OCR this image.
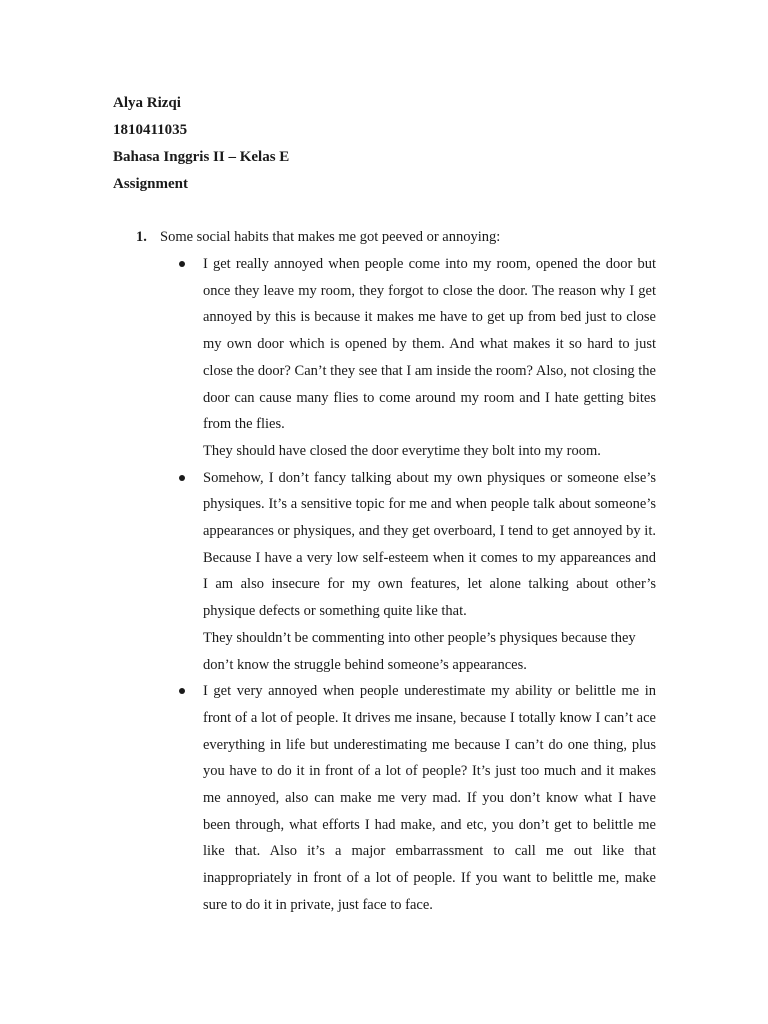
Alya Rizqi
1810411035
Bahasa Inggris II – Kelas E
Assignment
1. Some social habits that makes me got peeved or annoying:

I get really annoyed when people come into my room, opened the door but once they leave my room, they forgot to close the door. The reason why I get annoyed by this is because it makes me have to get up from bed just to close my own door which is opened by them. And what makes it so hard to just close the door? Can’t they see that I am inside the room? Also, not closing the door can cause many flies to come around my room and I hate getting bites from the flies.

They should have closed the door everytime they bolt into my room.

Somehow, I don’t fancy talking about my own physiques or someone else’s physiques. It’s a sensitive topic for me and when people talk about someone’s appearances or physiques, and they get overboard, I tend to get annoyed by it. Because I have a very low self-esteem when it comes to my appareances and I am also insecure for my own features, let alone talking about other’s physique defects or something quite like that.

They shouldn’t be commenting into other people’s physiques because they don’t know the struggle behind someone’s appearances.

I get very annoyed when people underestimate my ability or belittle me in front of a lot of people. It drives me insane, because I totally know I can’t ace everything in life but underestimating me because I can’t do one thing, plus you have to do it in front of a lot of people? It’s just too much and it makes me annoyed, also can make me very mad. If you don’t know what I have been through, what efforts I had make, and etc, you don’t get to belittle me like that. Also it’s a major embarrassment to call me out like that inappropriately in front of a lot of people. If you want to belittle me, make sure to do it in private, just face to face.
